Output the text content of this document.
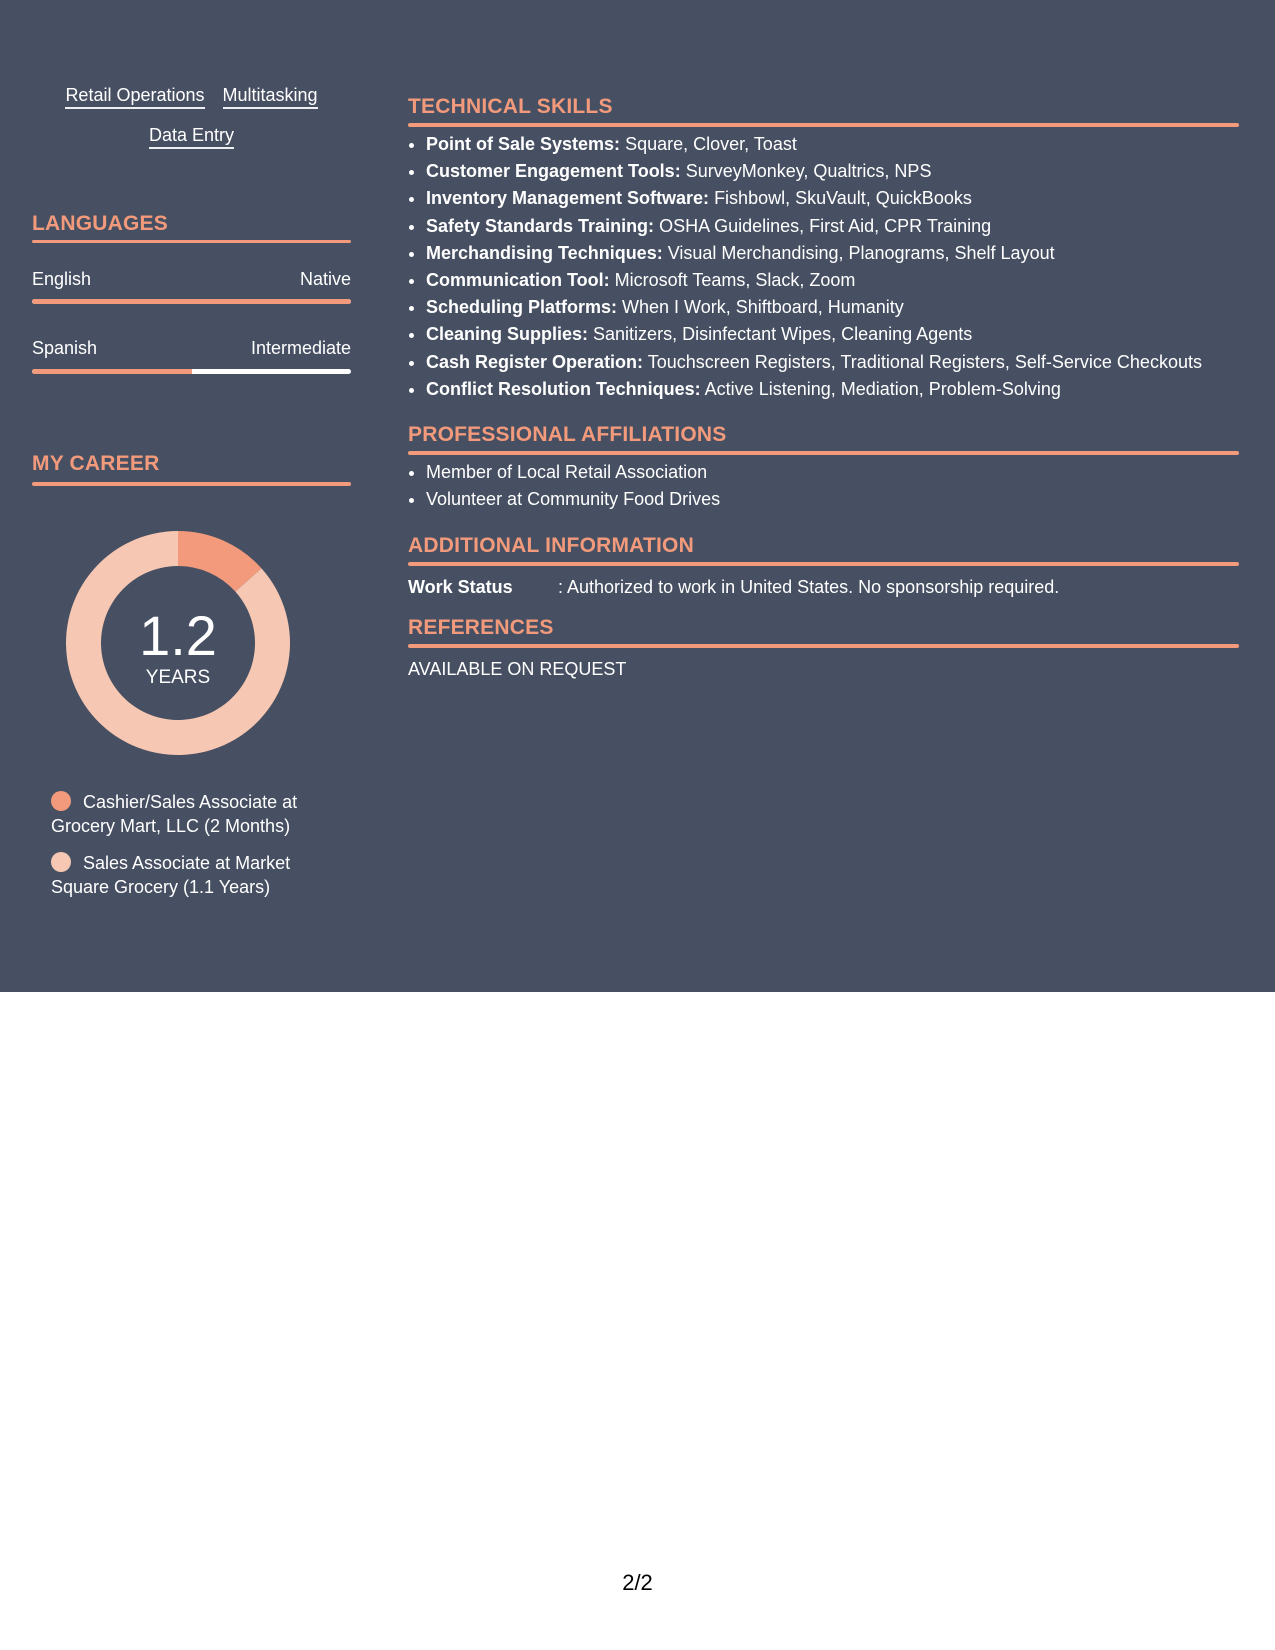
Retail Operations Multitasking
Data Entry
LANGUAGES
English	Native
Spanish	Intermediate
MY CAREER
1.2
YEARS
Cashier/Sales Associate at Grocery Mart, LLC (2 Months)
Sales Associate at Market Square Grocery (1.1 Years)
TECHNICAL SKILLS
• Point of Sale Systems: Square, Clover, Toast
• Customer Engagement Tools: SurveyMonkey, Qualtrics, NPS
• Inventory Management Software: Fishbowl, SkuVault, QuickBooks
• Safety Standards Training: OSHA Guidelines, First Aid, CPR Training
• Merchandising Techniques: Visual Merchandising, Planograms, Shelf Layout
• Communication Tool: Microsoft Teams, Slack, Zoom
• Scheduling Platforms: When I Work, Shiftboard, Humanity
• Cleaning Supplies: Sanitizers, Disinfectant Wipes, Cleaning Agents
• Cash Register Operation: Touchscreen Registers, Traditional Registers, Self-Service Checkouts
• Conflict Resolution Techniques: Active Listening, Mediation, Problem-Solving
PROFESSIONAL AFFILIATIONS
• Member of Local Retail Association
• Volunteer at Community Food Drives
ADDITIONAL INFORMATION
Work Status	: Authorized to work in United States. No sponsorship required.
REFERENCES
AVAILABLE ON REQUEST
2/2
